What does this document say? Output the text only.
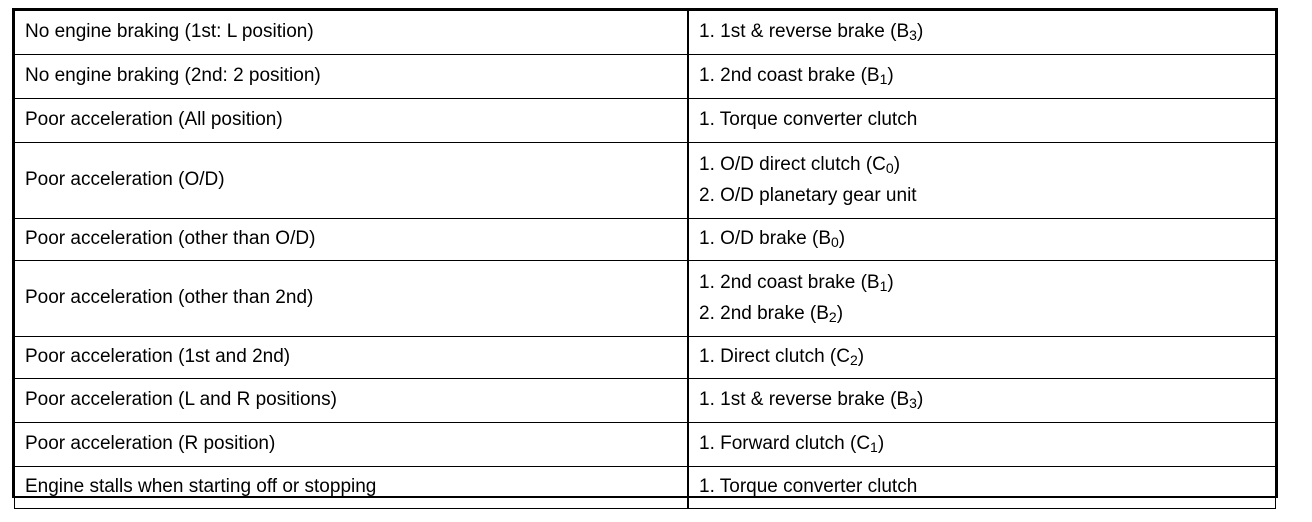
No engine braking (1st: L position)	1. 1st & reverse brake $(B_3)$

No engine braking (2nd: 2 position)	1. 2nd coast brake $(B_1)$

Poor acceleration (All position)	1. Torque converter clutch

Poor acceleration (O/D)	1. O/D direct clutch $(C_0)$
2. O/D planetary gear unit

Poor acceleration (other than O/D)	1. O/D brake $(B_0)$

Poor acceleration (other than 2nd)	1. 2nd coast brake $(B_1)$
2. 2nd brake $(B_2)$

Poor acceleration (1st and 2nd)	1. Direct clutch $(C_2)$

Poor acceleration (L and R positions)	1. 1st & reverse brake $(B_3)$

Poor acceleration (R position)	1. Forward clutch $(C_1)$

Engine stalls when starting off or stopping	1. Torque converter clutch
